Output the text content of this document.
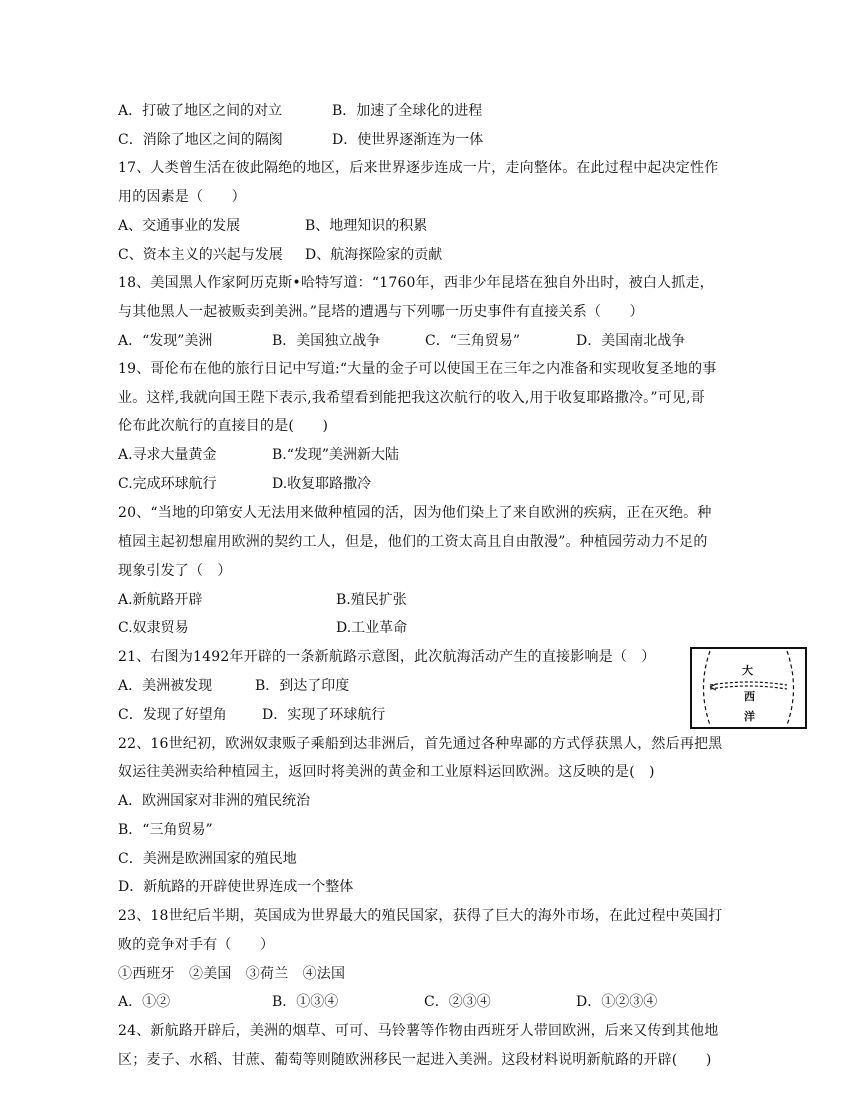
A．打破了地区之间的对立	B．加速了全球化的进程
C．消除了地区之间的隔阂	D．使世界逐渐连为一体
17、人类曾生活在彼此隔绝的地区，后来世界逐步连成一片，走向整体。在此过程中起决定性作
用的因素是（　　）
A、交通事业的发展	B、地理知识的积累
C、资本主义的兴起与发展 D、航海探险家的贡献
18、美国黑人作家阿历克斯•哈特写道：“1760年，西非少年昆塔在独自外出时，被白人抓走，
与其他黑人一起被贩卖到美洲。”昆塔的遭遇与下列哪一历史事件有直接关系（　　）
A．“发现”美洲	B．美国独立战争	C．“三角贸易”	D．美国南北战争
19、哥伦布在他的旅行日记中写道:“大量的金子可以使国王在三年之内准备和实现收复圣地的事
业。这样,我就向国王陛下表示,我希望看到能把我这次航行的收入,用于收复耶路撒冷。”可见,哥
伦布此次航行的直接目的是(　　)
A.寻求大量黄金	B.“发现”美洲新大陆
C.完成环球航行	D.收复耶路撒冷
20、“当地的印第安人无法用来做种植园的活，因为他们染上了来自欧洲的疾病，正在灭绝。种
植园主起初想雇用欧洲的契约工人，但是，他们的工资太高且自由散漫”。种植园劳动力不足的
现象引发了（　）
A.新航路开辟	B.殖民扩张
C.奴隶贸易	D.工业革命
21、右图为1492年开辟的一条新航路示意图，此次航海活动产生的直接影响是（　）
A．美洲被发现	B．到达了印度
C．发现了好望角	D．实现了环球航行
大
西
洋
22、16世纪初，欧洲奴隶贩子乘船到达非洲后，首先通过各种卑鄙的方式俘获黑人，然后再把黑
奴运往美洲卖给种植园主，返回时将美洲的黄金和工业原料运回欧洲。这反映的是(　)
A．欧洲国家对非洲的殖民统治
B．“三角贸易”
C．美洲是欧洲国家的殖民地
D．新航路的开辟使世界连成一个整体
23、18世纪后半期，英国成为世界最大的殖民国家，获得了巨大的海外市场，在此过程中英国打
败的竞争对手有（　　）
①西班牙　②美国　③荷兰　④法国
A．①②	B．①③④	C．②③④	D．①②③④
24、新航路开辟后，美洲的烟草、可可、马铃薯等作物由西班牙人带回欧洲，后来又传到其他地
区；麦子、水稻、甘蔗、葡萄等则随欧洲移民一起进入美洲。这段材料说明新航路的开辟(　　)
